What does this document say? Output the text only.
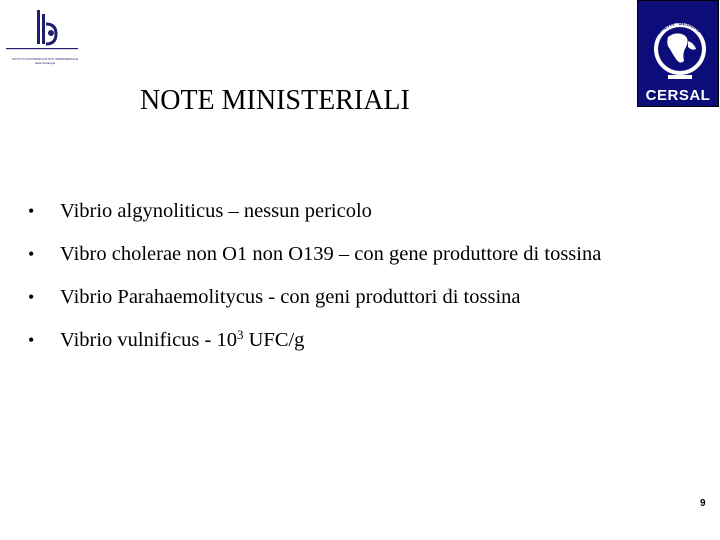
ISTITUTO ZOOPROFILATTICO SPERIMENTALE
della Sardegna
ONE HEALTH GLOBAL HEALTH
CERSAL
NOTE MINISTERIALI
• Vibrio algynoliticus – nessun pericolo
• Vibro cholerae non O1 non O139 – con gene produttore di tossina
• Vibrio Parahaemolitycus - con geni produttori di tossina
• Vibrio vulnificus - $10^3$ UFC/g
9
